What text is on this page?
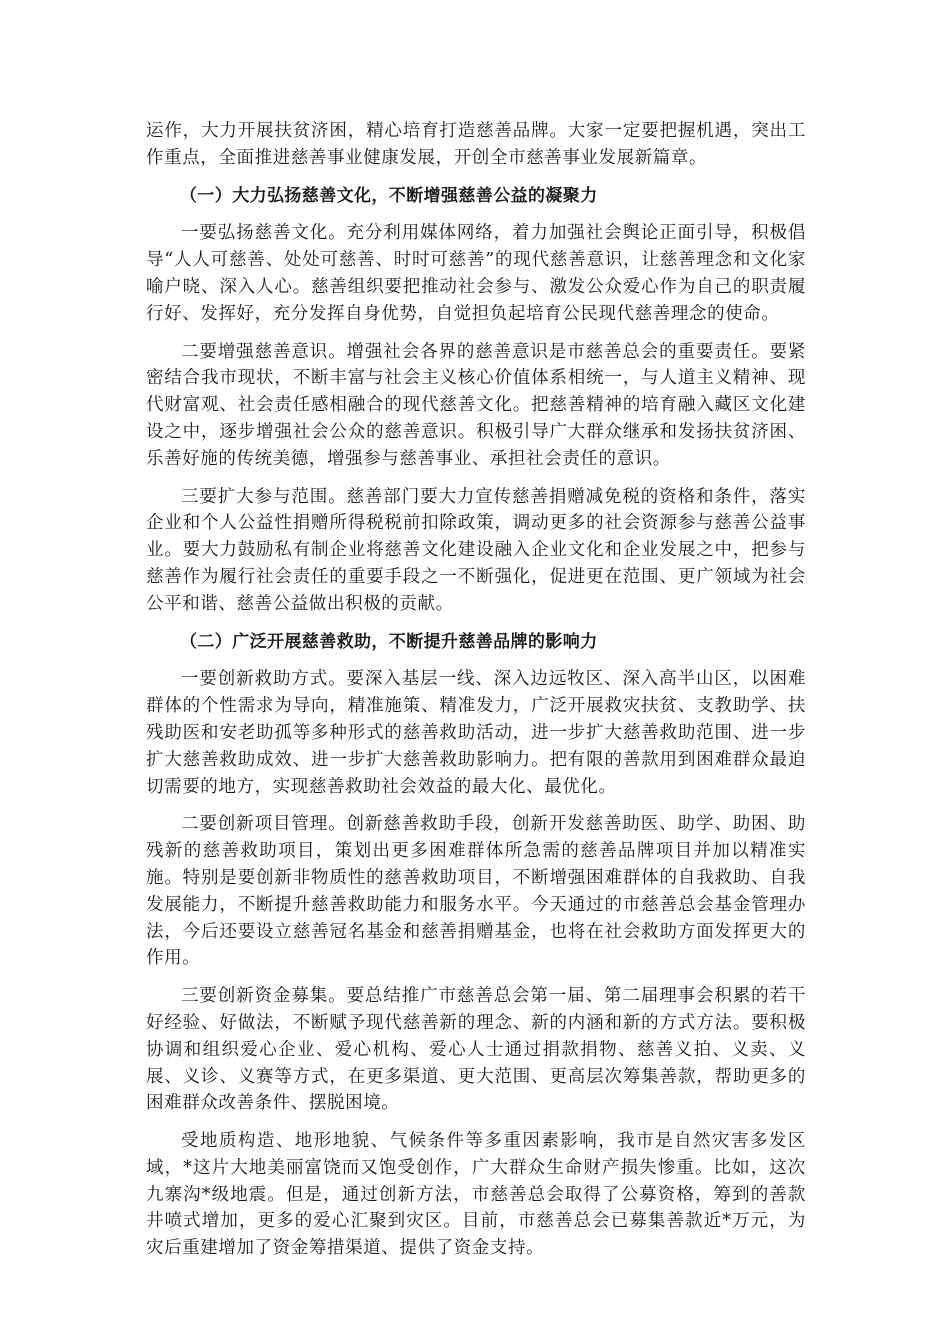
运作，大力开展扶贫济困，精心培育打造慈善品牌。大家一定要把握机遇，突出工作重点，全面推进慈善事业健康发展，开创全市慈善事业发展新篇章。

（一）大力弘扬慈善文化，不断增强慈善公益的凝聚力

一要弘扬慈善文化。充分利用媒体网络，着力加强社会舆论正面引导，积极倡导“人人可慈善、处处可慈善、时时可慈善”的现代慈善意识，让慈善理念和文化家喻户晓、深入人心。慈善组织要把推动社会参与、激发公众爱心作为自己的职责履行好、发挥好，充分发挥自身优势，自觉担负起培育公民现代慈善理念的使命。

二要增强慈善意识。增强社会各界的慈善意识是市慈善总会的重要责任。要紧密结合我市现状，不断丰富与社会主义核心价值体系相统一，与人道主义精神、现代财富观、社会责任感相融合的现代慈善文化。把慈善精神的培育融入藏区文化建设之中，逐步增强社会公众的慈善意识。积极引导广大群众继承和发扬扶贫济困、乐善好施的传统美德，增强参与慈善事业、承担社会责任的意识。

三要扩大参与范围。慈善部门要大力宣传慈善捐赠减免税的资格和条件，落实企业和个人公益性捐赠所得税税前扣除政策，调动更多的社会资源参与慈善公益事业。要大力鼓励私有制企业将慈善文化建设融入企业文化和企业发展之中，把参与慈善作为履行社会责任的重要手段之一不断强化，促进更在范围、更广领域为社会公平和谐、慈善公益做出积极的贡献。

（二）广泛开展慈善救助，不断提升慈善品牌的影响力

一要创新救助方式。要深入基层一线、深入边远牧区、深入高半山区，以困难群体的个性需求为导向，精准施策、精准发力，广泛开展救灾扶贫、支教助学、扶残助医和安老助孤等多种形式的慈善救助活动，进一步扩大慈善救助范围、进一步扩大慈善救助成效、进一步扩大慈善救助影响力。把有限的善款用到困难群众最迫切需要的地方，实现慈善救助社会效益的最大化、最优化。

二要创新项目管理。创新慈善救助手段，创新开发慈善助医、助学、助困、助残新的慈善救助项目，策划出更多困难群体所急需的慈善品牌项目并加以精准实施。特别是要创新非物质性的慈善救助项目，不断增强困难群体的自我救助、自我发展能力，不断提升慈善救助能力和服务水平。今天通过的市慈善总会基金管理办法，今后还要设立慈善冠名基金和慈善捐赠基金，也将在社会救助方面发挥更大的作用。

三要创新资金募集。要总结推广市慈善总会第一届、第二届理事会积累的若干好经验、好做法，不断赋予现代慈善新的理念、新的内涵和新的方式方法。要积极协调和组织爱心企业、爱心机构、爱心人士通过捐款捐物、慈善义拍、义卖、义展、义诊、义赛等方式，在更多渠道、更大范围、更高层次筹集善款，帮助更多的困难群众改善条件、摆脱困境。

受地质构造、地形地貌、气候条件等多重因素影响，我市是自然灾害多发区域，*这片大地美丽富饶而又饱受创作，广大群众生命财产损失惨重。比如，这次九寨沟*级地震。但是，通过创新方法，市慈善总会取得了公募资格，筹到的善款井喷式增加，更多的爱心汇聚到灾区。目前，市慈善总会已募集善款近*万元，为灾后重建增加了资金筹措渠道、提供了资金支持。
